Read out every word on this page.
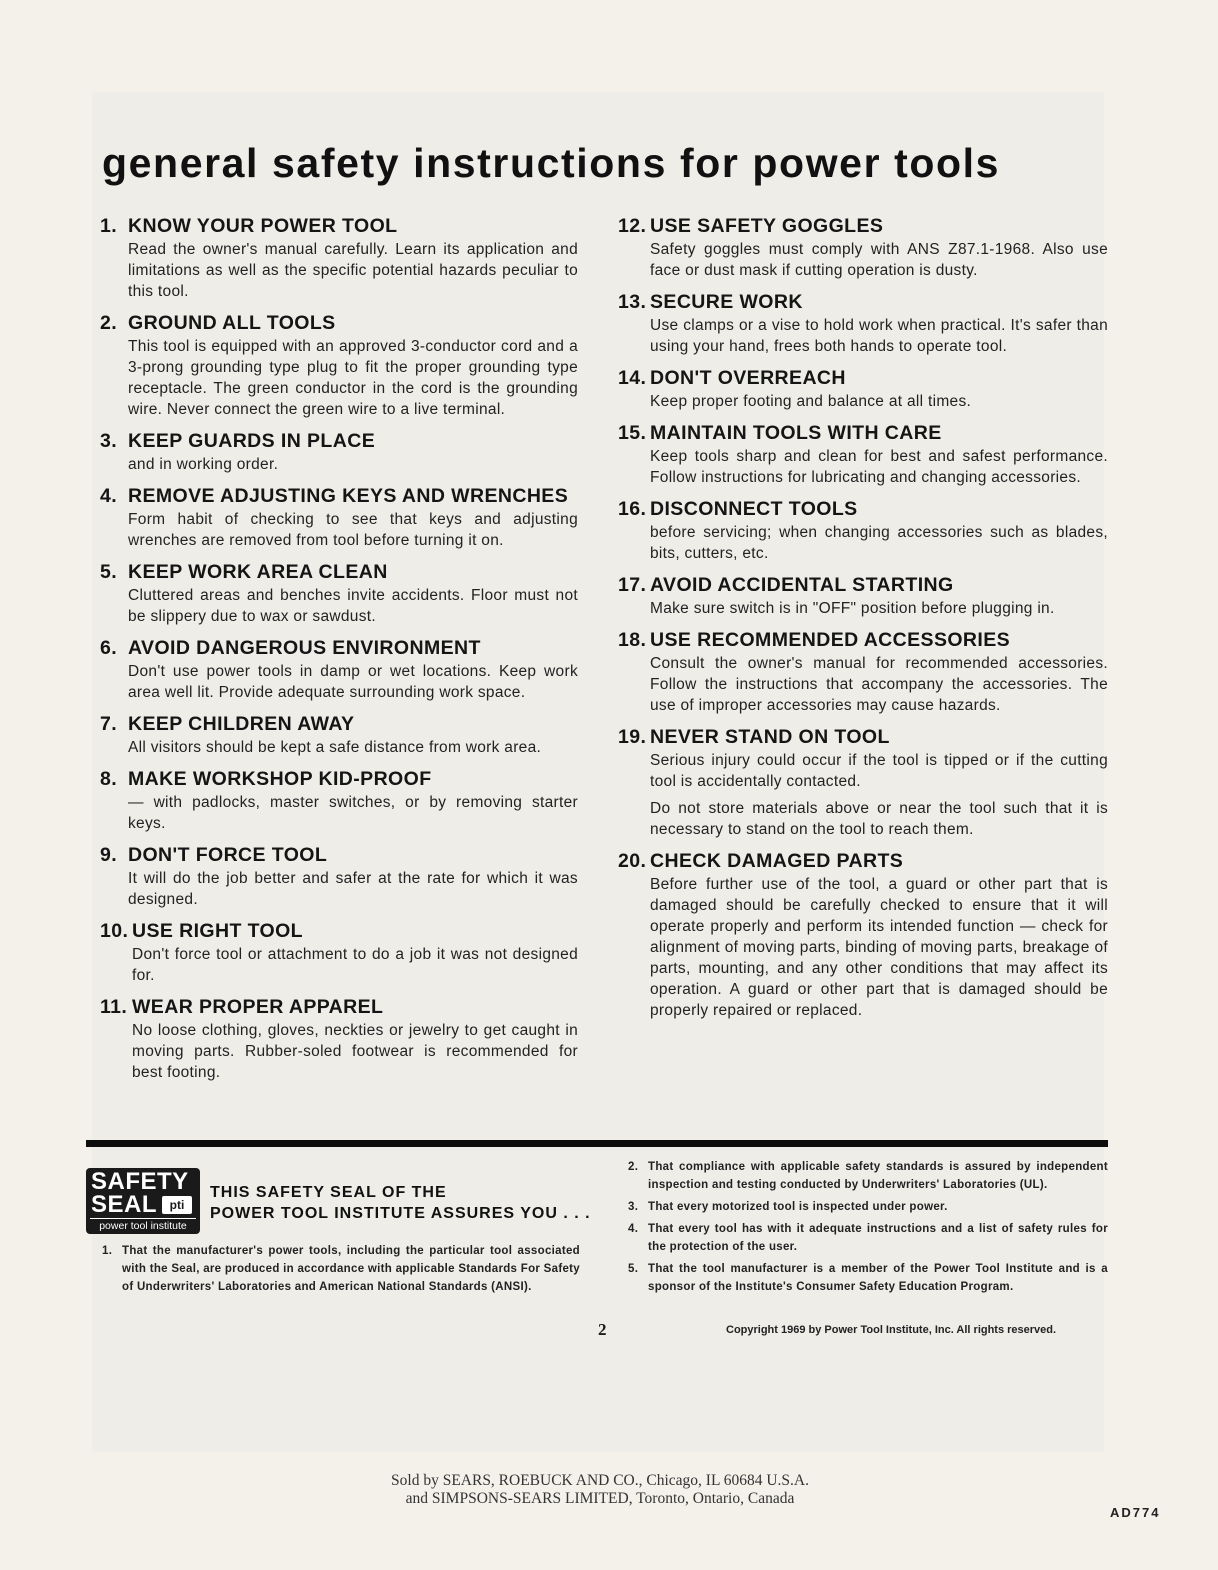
general safety instructions for power tools
1. KNOW YOUR POWER TOOL
Read the owner's manual carefully. Learn its application and limitations as well as the specific potential hazards peculiar to this tool.
2. GROUND ALL TOOLS
This tool is equipped with an approved 3-conductor cord and a 3-prong grounding type plug to fit the proper grounding type receptacle. The green conductor in the cord is the grounding wire. Never connect the green wire to a live terminal.
3. KEEP GUARDS IN PLACE
and in working order.
4. REMOVE ADJUSTING KEYS AND WRENCHES
Form habit of checking to see that keys and adjusting wrenches are removed from tool before turning it on.
5. KEEP WORK AREA CLEAN
Cluttered areas and benches invite accidents. Floor must not be slippery due to wax or sawdust.
6. AVOID DANGEROUS ENVIRONMENT
Don't use power tools in damp or wet locations. Keep work area well lit. Provide adequate surrounding work space.
7. KEEP CHILDREN AWAY
All visitors should be kept a safe distance from work area.
8. MAKE WORKSHOP KID-PROOF
— with padlocks, master switches, or by removing starter keys.
9. DON'T FORCE TOOL
It will do the job better and safer at the rate for which it was designed.
10. USE RIGHT TOOL
Don't force tool or attachment to do a job it was not designed for.
11. WEAR PROPER APPAREL
No loose clothing, gloves, neckties or jewelry to get caught in moving parts. Rubber-soled footwear is recommended for best footing.
12. USE SAFETY GOGGLES
Safety goggles must comply with ANS Z87.1-1968. Also use face or dust mask if cutting operation is dusty.
13. SECURE WORK
Use clamps or a vise to hold work when practical. It's safer than using your hand, frees both hands to operate tool.
14. DON'T OVERREACH
Keep proper footing and balance at all times.
15. MAINTAIN TOOLS WITH CARE
Keep tools sharp and clean for best and safest performance. Follow instructions for lubricating and changing accessories.
16. DISCONNECT TOOLS
before servicing; when changing accessories such as blades, bits, cutters, etc.
17. AVOID ACCIDENTAL STARTING
Make sure switch is in "OFF" position before plugging in.
18. USE RECOMMENDED ACCESSORIES
Consult the owner's manual for recommended accessories. Follow the instructions that accompany the accessories. The use of improper accessories may cause hazards.
19. NEVER STAND ON TOOL
Serious injury could occur if the tool is tipped or if the cutting tool is accidentally contacted.
Do not store materials above or near the tool such that it is necessary to stand on the tool to reach them.
20. CHECK DAMAGED PARTS
Before further use of the tool, a guard or other part that is damaged should be carefully checked to ensure that it will operate properly and perform its intended function — check for alignment of moving parts, binding of moving parts, breakage of parts, mounting, and any other conditions that may affect its operation. A guard or other part that is damaged should be properly repaired or replaced.
SAFETY
SEAL	pti
power tool institute
THIS SAFETY SEAL OF THE
POWER TOOL INSTITUTE ASSURES YOU . . .
1. That the manufacturer's power tools, including the particular tool associated with the Seal, are produced in accordance with applicable Standards For Safety of Underwriters' Laboratories and American National Standards (ANSI).
2. That compliance with applicable safety standards is assured by independent inspection and testing conducted by Underwriters' Laboratories (UL).
3. That every motorized tool is inspected under power.
4. That every tool has with it adequate instructions and a list of safety rules for the protection of the user.
5. That the tool manufacturer is a member of the Power Tool Institute and is a sponsor of the Institute's Consumer Safety Education Program.
2	Copyright 1969 by Power Tool Institute, Inc. All rights reserved.
Sold by SEARS, ROEBUCK AND CO., Chicago, IL 60684 U.S.A.
and SIMPSONS-SEARS LIMITED, Toronto, Ontario, Canada
AD774
